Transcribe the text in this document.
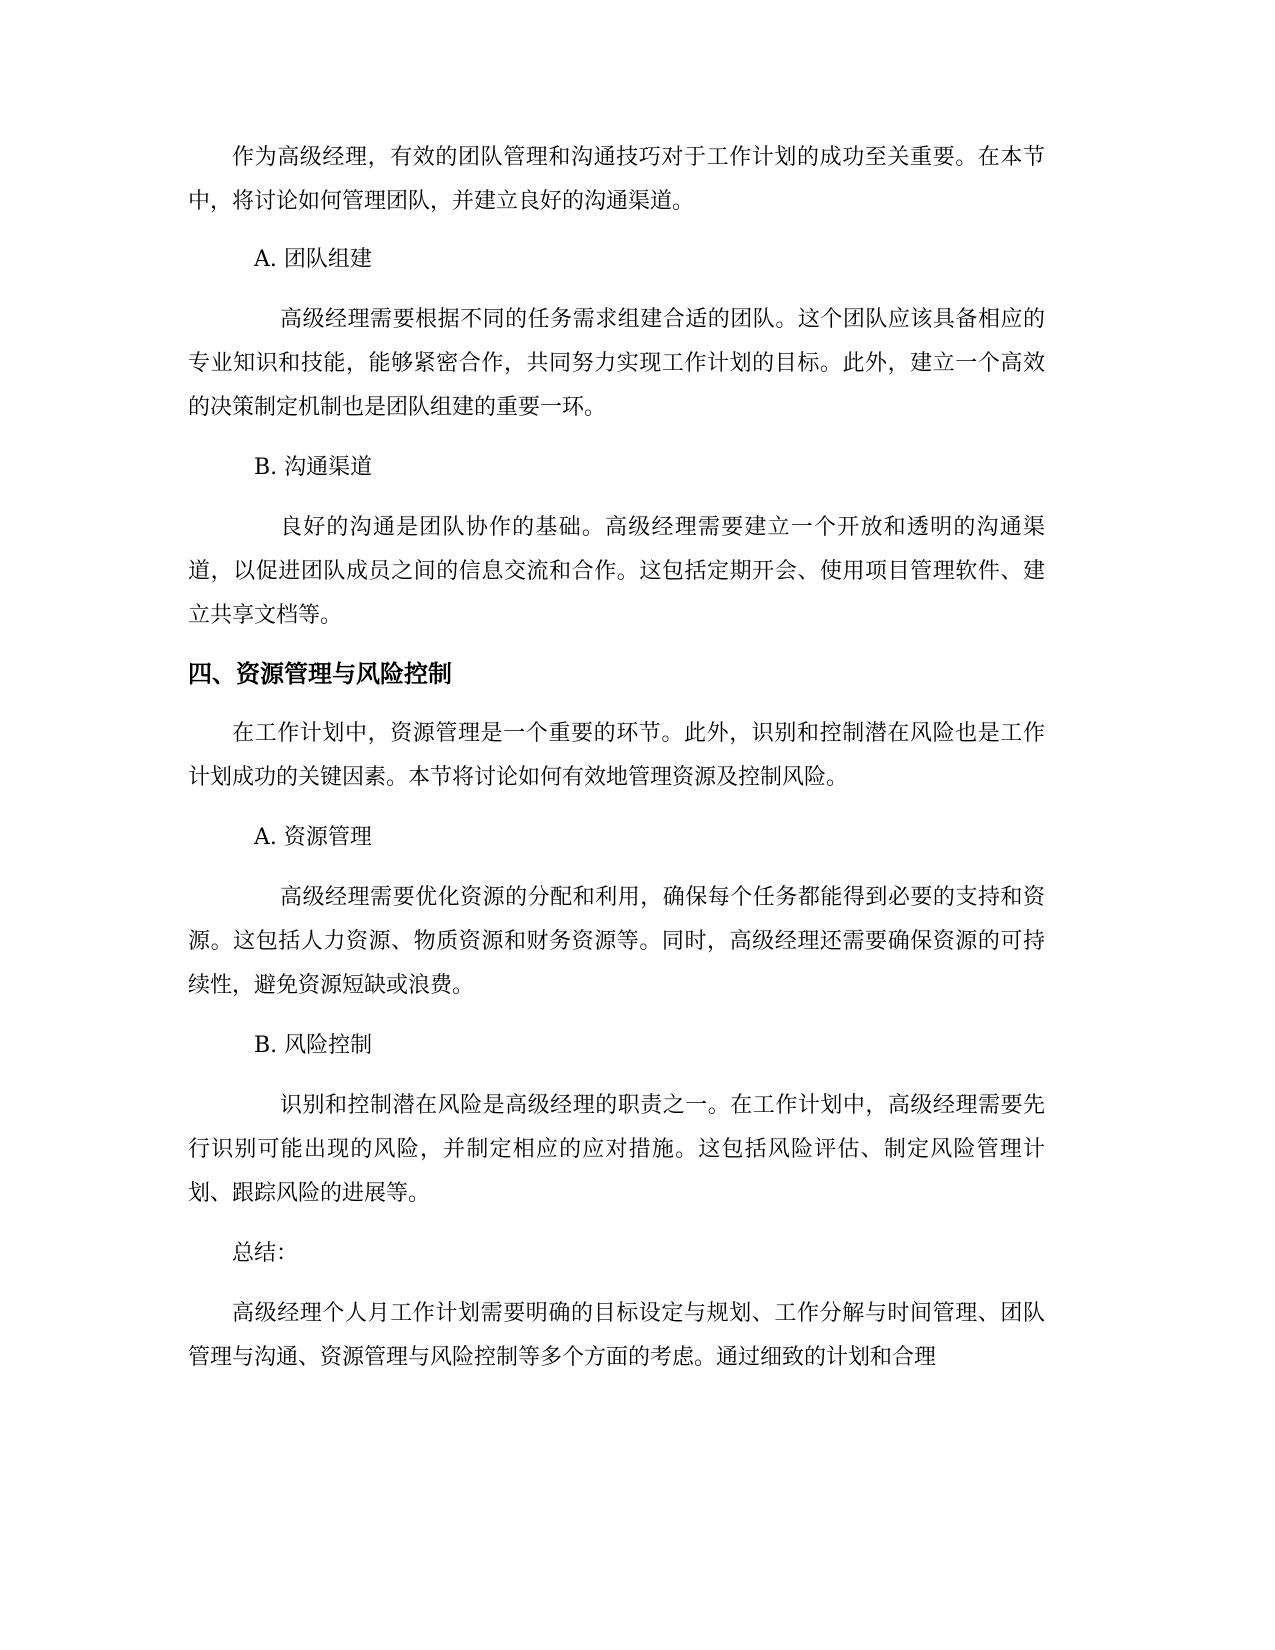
作为高级经理，有效的团队管理和沟通技巧对于工作计划的成功至关重要。在本节中，将讨论如何管理团队，并建立良好的沟通渠道。

A. 团队组建

高级经理需要根据不同的任务需求组建合适的团队。这个团队应该具备相应的专业知识和技能，能够紧密合作，共同努力实现工作计划的目标。此外，建立一个高效的决策制定机制也是团队组建的重要一环。

B. 沟通渠道

良好的沟通是团队协作的基础。高级经理需要建立一个开放和透明的沟通渠道，以促进团队成员之间的信息交流和合作。这包括定期开会、使用项目管理软件、建立共享文档等。

四、资源管理与风险控制

在工作计划中，资源管理是一个重要的环节。此外，识别和控制潜在风险也是工作计划成功的关键因素。本节将讨论如何有效地管理资源及控制风险。

A. 资源管理

高级经理需要优化资源的分配和利用，确保每个任务都能得到必要的支持和资源。这包括人力资源、物质资源和财务资源等。同时，高级经理还需要确保资源的可持续性，避免资源短缺或浪费。

B. 风险控制

识别和控制潜在风险是高级经理的职责之一。在工作计划中，高级经理需要先行识别可能出现的风险，并制定相应的应对措施。这包括风险评估、制定风险管理计划、跟踪风险的进展等。

总结：

高级经理个人月工作计划需要明确的目标设定与规划、工作分解与时间管理、团队管理与沟通、资源管理与风险控制等多个方面的考虑。通过细致的计划和合理
